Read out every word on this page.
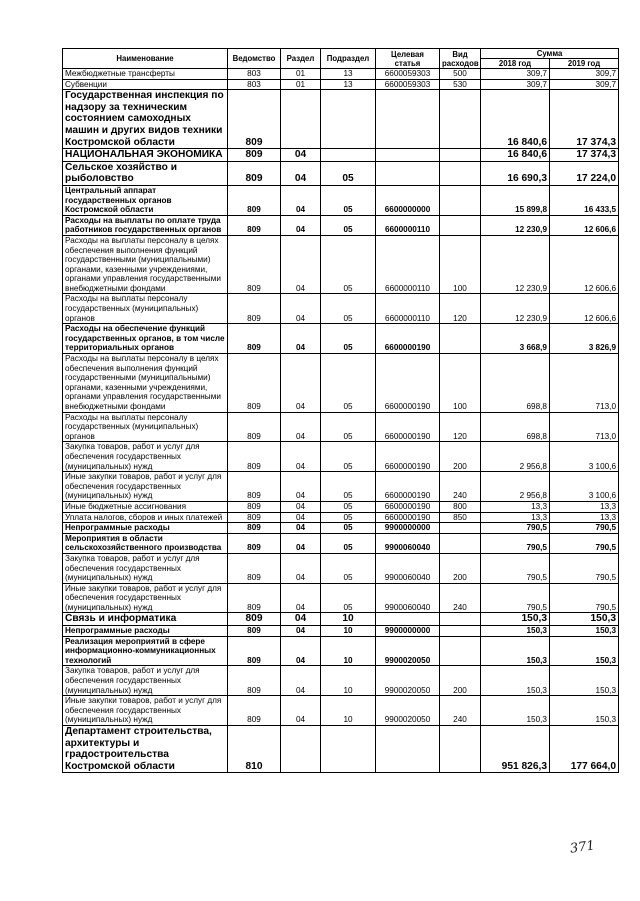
Наименование	Ведомство	Раздел	Подраздел	Целевая статья	Вид расходов	Сумма	
						2018 год	2019 год
Межбюджетные трансферты	803	01	13	6600059303	500	309,7	309,7
Субвенции	803	01	13	6600059303	530	309,7	309,7
Государственная инспекция по надзору за техническим состоянием самоходных машин и других видов техники Костромской области	809					16 840,6	17 374,3
НАЦИОНАЛЬНАЯ ЭКОНОМИКА	809	04				16 840,6	17 374,3
Сельское хозяйство и рыболовство	809	04	05			16 690,3	17 224,0
Центральный аппарат государственных органов Костромской области	809	04	05	6600000000		15 899,8	16 433,5
Расходы на выплаты по оплате труда работников государственных органов	809	04	05	6600000110		12 230,9	12 606,6
Расходы на выплаты персоналу в целях обеспечения выполнения функций государственными (муниципальными) органами, казенными учреждениями, органами управления государственными внебюджетными фондами	809	04	05	6600000110	100	12 230,9	12 606,6
Расходы на выплаты персоналу государственных (муниципальных) органов	809	04	05	6600000110	120	12 230,9	12 606,6
Расходы на обеспечение функций государственных органов, в том числе территориальных органов	809	04	05	6600000190		3 668,9	3 826,9
Расходы на выплаты персоналу в целях обеспечения выполнения функций государственными (муниципальными) органами, казенными учреждениями, органами управления государственными внебюджетными фондами	809	04	05	6600000190	100	698,8	713,0
Расходы на выплаты персоналу государственных (муниципальных) органов	809	04	05	6600000190	120	698,8	713,0
Закупка товаров, работ и услуг для обеспечения государственных (муниципальных) нужд	809	04	05	6600000190	200	2 956,8	3 100,6
Иные закупки товаров, работ и услуг для обеспечения государственных (муниципальных) нужд	809	04	05	6600000190	240	2 956,8	3 100,6
Иные бюджетные ассигнования	809	04	05	6600000190	800	13,3	13,3
Уплата налогов, сборов и иных платежей	809	04	05	6600000190	850	13,3	13,3
Непрограммные расходы	809	04	05	9900000000		790,5	790,5
Мероприятия в области сельскохозяйственного производства	809	04	05	9900060040		790,5	790,5
Закупка товаров, работ и услуг для обеспечения государственных (муниципальных) нужд	809	04	05	9900060040	200	790,5	790,5
Иные закупки товаров, работ и услуг для обеспечения государственных (муниципальных) нужд	809	04	05	9900060040	240	790,5	790,5
Связь и информатика	809	04	10			150,3	150,3
Непрограммные расходы	809	04	10	9900000000		150,3	150,3
Реализация мероприятий в сфере информационно-коммуникационных технологий	809	04	10	9900020050		150,3	150,3
Закупка товаров, работ и услуг для обеспечения государственных (муниципальных) нужд	809	04	10	9900020050	200	150,3	150,3
Иные закупки товаров, работ и услуг для обеспечения государственных (муниципальных) нужд	809	04	10	9900020050	240	150,3	150,3
Департамент строительства, архитектуры и градостроительства Костромской области	810					951 826,3	177 664,0
371
